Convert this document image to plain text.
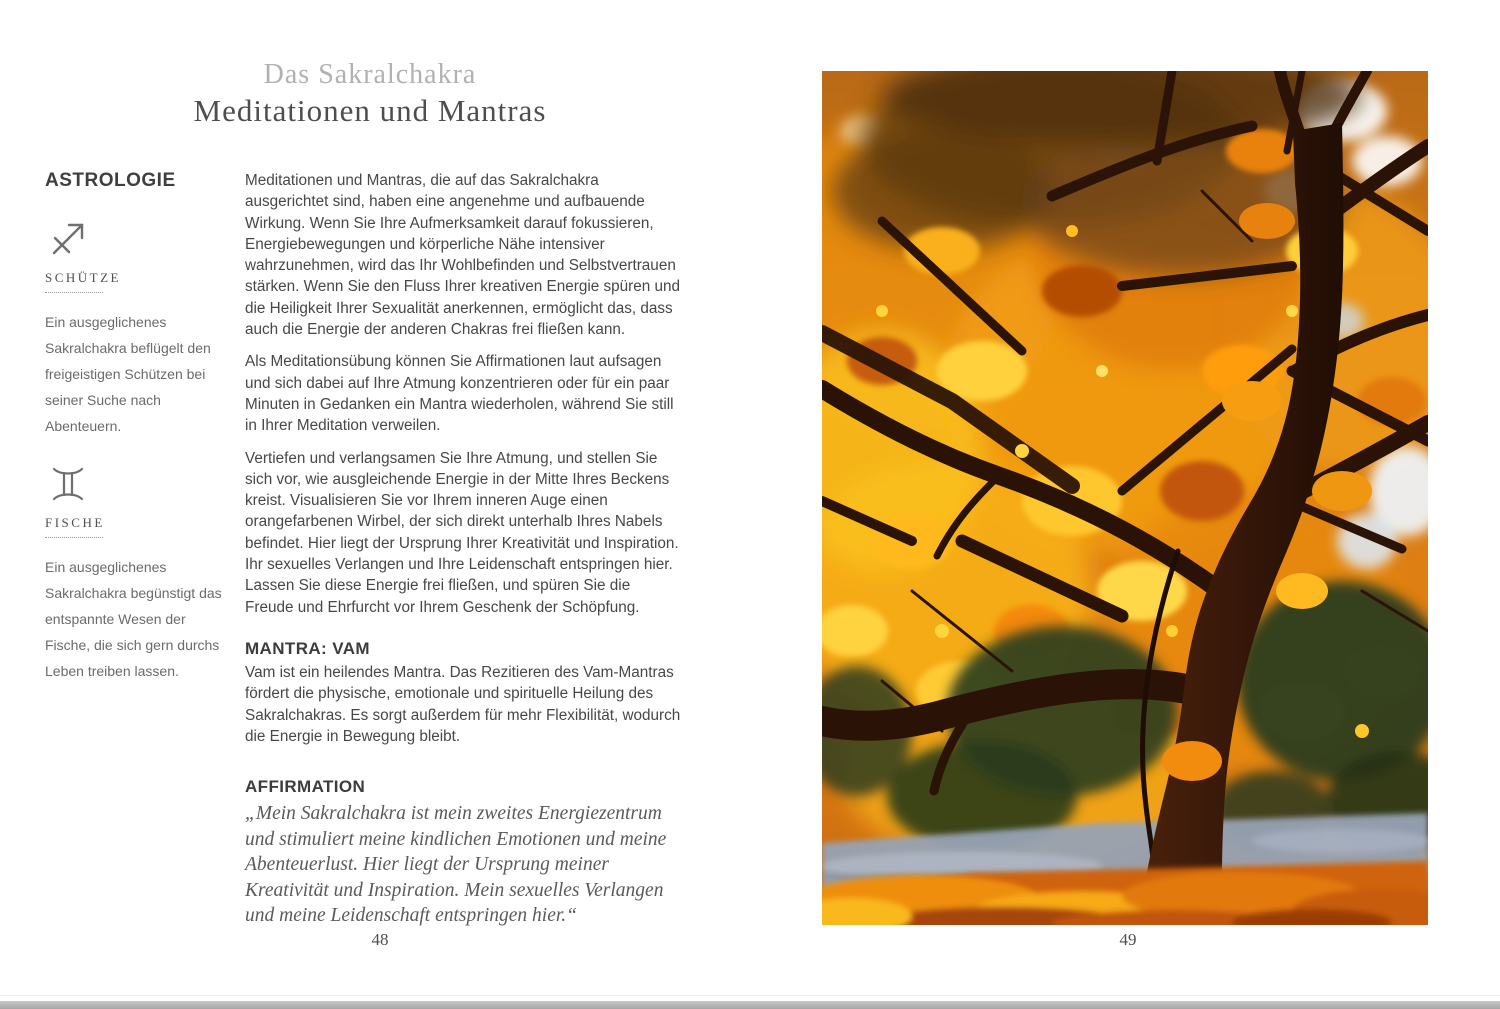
Das Sakralchakra
Meditationen und Mantras
ASTROLOGIE
SCHÜTZE
Ein ausgeglichenes Sakralchakra beflügelt den freigeistigen Schützen bei seiner Suche nach Abenteuern.
FISCHE
Ein ausgeglichenes Sakralchakra begünstigt das entspannte Wesen der Fische, die sich gern durchs Leben treiben lassen.

Meditationen und Mantras, die auf das Sakralchakra ausgerichtet sind, haben eine angenehme und aufbauende Wirkung. Wenn Sie Ihre Aufmerksamkeit darauf fokussieren, Energiebewegungen und körperliche Nähe intensiver wahrzunehmen, wird das Ihr Wohlbefinden und Selbstvertrauen stärken. Wenn Sie den Fluss Ihrer kreativen Energie spüren und die Heiligkeit Ihrer Sexualität anerkennen, ermöglicht das, dass auch die Energie der anderen Chakras frei fließen kann.

Als Meditationsübung können Sie Affirmationen laut aufsagen und sich dabei auf Ihre Atmung konzentrieren oder für ein paar Minuten in Gedanken ein Mantra wiederholen, während Sie still in Ihrer Meditation verweilen.

Vertiefen und verlangsamen Sie Ihre Atmung, und stellen Sie sich vor, wie ausgleichende Energie in der Mitte Ihres Beckens kreist. Visualisieren Sie vor Ihrem inneren Auge einen orangefarbenen Wirbel, der sich direkt unterhalb Ihres Nabels befindet. Hier liegt der Ursprung Ihrer Kreativität und Inspiration. Ihr sexuelles Verlangen und Ihre Leidenschaft entspringen hier. Lassen Sie diese Energie frei fließen, und spüren Sie die Freude und Ehrfurcht vor Ihrem Geschenk der Schöpfung.

MANTRA: VAM

Vam ist ein heilendes Mantra. Das Rezitieren des Vam-Mantras fördert die physische, emotionale und spirituelle Heilung des Sakralchakras. Es sorgt außerdem für mehr Flexibilität, wodurch die Energie in Bewegung bleibt.

AFFIRMATION
„Mein Sakralchakra ist mein zweites Energiezentrum und stimuliert meine kindlichen Emotionen und meine Abenteuerlust. Hier liegt der Ursprung meiner Kreativität und Inspiration. Mein sexuelles Verlangen und meine Leidenschaft entspringen hier.“
48	49
